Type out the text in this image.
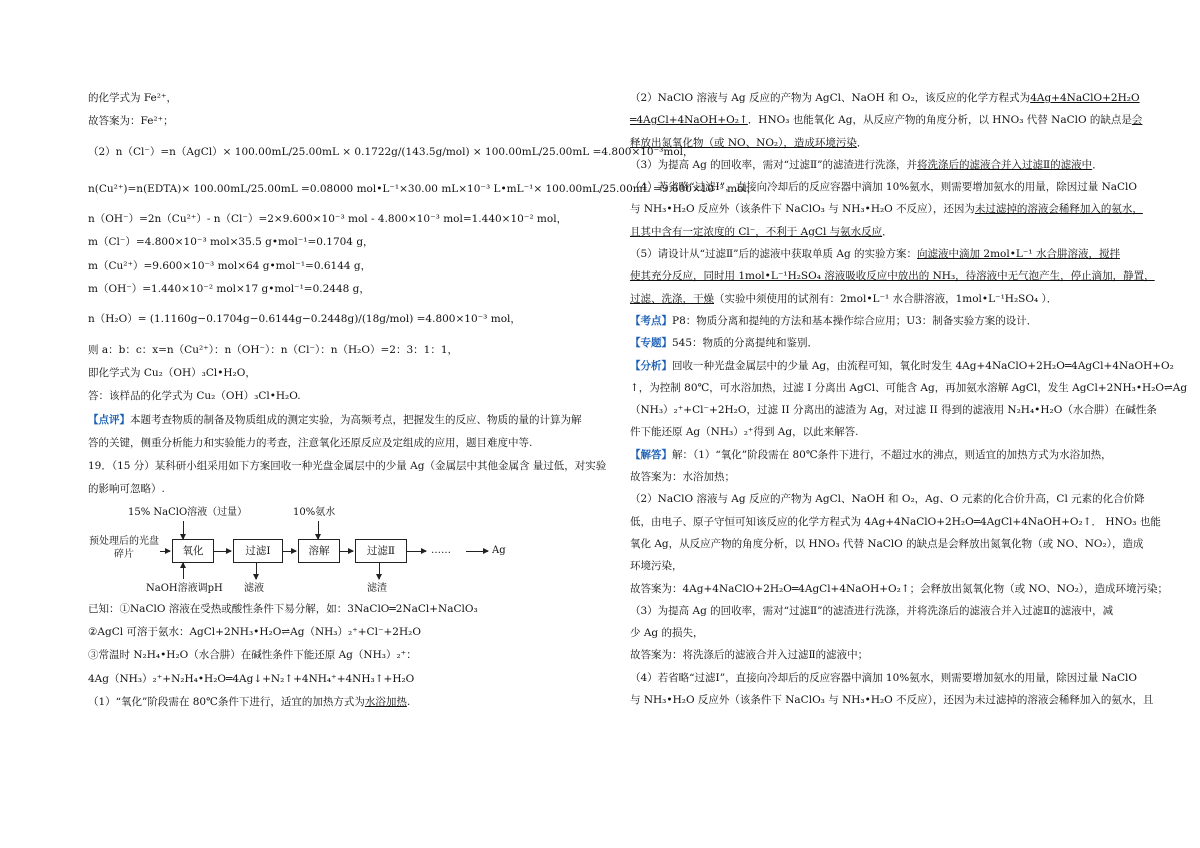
的化学式为 Fe²⁺，
故答案为：Fe²⁺；
（2）n（Cl⁻）=n（AgCl）× 100.00mL/25.00mL × 0.1722g/(143.5g/mol) × 100.00mL/25.00mL =4.800×10⁻³mol，
n(Cu²⁺)=n(EDTA)× 100.00mL/25.00mL =0.08000 mol•L⁻¹×30.00 mL×10⁻³ L•mL⁻¹× 100.00mL/25.00mL =9.600×10⁻³ mol，
n（OH⁻）=2n（Cu²⁺）- n（Cl⁻）=2×9.600×10⁻³ mol - 4.800×10⁻³ mol=1.440×10⁻² mol，
m（Cl⁻）=4.800×10⁻³ mol×35.5 g•mol⁻¹=0.1704 g，
m（Cu²⁺）=9.600×10⁻³ mol×64 g•mol⁻¹=0.6144 g，
m（OH⁻）=1.440×10⁻² mol×17 g•mol⁻¹=0.2448 g，
n（H₂O）= (1.1160g−0.1704g−0.6144g−0.2448g)/(18g/mol) =4.800×10⁻³ mol，
则 a：b：c：x=n（Cu²⁺）：n（OH⁻）：n（Cl⁻）：n（H₂O）=2：3：1：1，
即化学式为 Cu₂（OH）₃Cl•H₂O，
答：该样品的化学式为 Cu₂（OH）₃Cl•H₂O.
【点评】本题考查物质的制备及物质组成的测定实验，为高频考点，把握发生的反应、物质的量的计算为解
答的关键，侧重分析能力和实验能力的考查，注意氧化还原反应及定组成的应用，题目难度中等.
19．（15 分）某科研小组采用如下方案回收一种光盘金属层中的少量 Ag（金属层中其他金属含 量过低，对实验
的影响可忽略）.
15% NaClO溶液（过量）	10%氨水
预处理后的光盘碎片	氧化	过滤Ⅰ	溶解	过滤Ⅱ	……	Ag
NaOH溶液调pH 滤液	滤渣
已知：①NaClO 溶液在受热或酸性条件下易分解，如：3NaClO═2NaCl+NaClO₃
②AgCl 可溶于氨水：AgCl+2NH₃•H₂O⇌Ag（NH₃）₂⁺+Cl⁻+2H₂O
③常温时 N₂H₄•H₂O（水合肼）在碱性条件下能还原 Ag（NH₃）₂⁺：
4Ag（NH₃）₂⁺+N₂H₄•H₂O═4Ag↓+N₂↑+4NH₄⁺+4NH₃↑+H₂O
（1）“氧化”阶段需在 80℃条件下进行，适宜的加热方式为水浴加热.
（2）NaClO 溶液与 Ag 反应的产物为 AgCl、NaOH 和 O₂，该反应的化学方程式为4Ag+4NaClO+2H₂O
═4AgCl+4NaOH+O₂↑．HNO₃ 也能氧化 Ag，从反应产物的角度分析，以 HNO₃ 代替 NaClO 的缺点是会
释放出氮氧化物（或 NO、NO₂），造成环境污染．
（3）为提高 Ag 的回收率，需对“过滤Ⅱ”的滤渣进行洗涤，并将洗涤后的滤液合并入过滤Ⅱ的滤液中．
（4）若省略“过滤Ⅰ”，直接向冷却后的反应容器中滴加 10%氨水，则需要增加氨水的用量，除因过量 NaClO
与 NH₃•H₂O 反应外（该条件下 NaClO₃ 与 NH₃•H₂O 不反应），还因为未过滤掉的溶液会稀释加入的氨水，
且其中含有一定浓度的 Cl⁻，不利于 AgCl 与氨水反应．
（5）请设计从“过滤Ⅱ”后的滤液中获取单质 Ag 的实验方案：向滤液中滴加 2mol•L⁻¹ 水合肼溶液，搅拌
使其充分反应，同时用 1mol•L⁻¹H₂SO₄ 溶液吸收反应中放出的 NH₃，待溶液中无气泡产生，停止滴加，静置，
过滤、洗涤，干燥（实验中须使用的试剂有：2mol•L⁻¹ 水合肼溶液，1mol•L⁻¹H₂SO₄ ）．
【考点】P8：物质分离和提纯的方法和基本操作综合应用；U3：制备实验方案的设计．
【专题】545：物质的分离提纯和鉴别．
【分析】回收一种光盘金属层中的少量 Ag，由流程可知，氧化时发生 4Ag+4NaClO+2H₂O═4AgCl+4NaOH+O₂
↑，为控制 80℃，可水浴加热，过滤 I 分离出 AgCl、可能含 Ag，再加氨水溶解 AgCl，发生 AgCl+2NH₃•H₂O⇌Ag
（NH₃）₂⁺+Cl⁻+2H₂O，过滤 II 分离出的滤渣为 Ag，对过滤 II 得到的滤液用 N₂H₄•H₂O（水合肼）在碱性条
件下能还原 Ag（NH₃）₂⁺得到 Ag，以此来解答.
【解答】解：（1）“氧化”阶段需在 80℃条件下进行，不超过水的沸点，则适宜的加热方式为水浴加热，
故答案为：水浴加热；
（2）NaClO 溶液与 Ag 反应的产物为 AgCl、NaOH 和 O₂，Ag、O 元素的化合价升高，Cl 元素的化合价降
低，由电子、原子守恒可知该反应的化学方程式为 4Ag+4NaClO+2H₂O═4AgCl+4NaOH+O₂↑． HNO₃ 也能
氧化 Ag，从反应产物的角度分析，以 HNO₃ 代替 NaClO 的缺点是会释放出氮氧化物（或 NO、NO₂），造成
环境污染，
故答案为：4Ag+4NaClO+2H₂O═4AgCl+4NaOH+O₂↑；会释放出氮氧化物（或 NO、NO₂），造成环境污染；
（3）为提高 Ag 的回收率，需对“过滤Ⅱ”的滤渣进行洗涤，并将洗涤后的滤液合并入过滤Ⅱ的滤液中，减
少 Ag 的损失，
故答案为：将洗涤后的滤液合并入过滤Ⅱ的滤液中；
（4）若省略“过滤Ⅰ”，直接向冷却后的反应容器中滴加 10%氨水，则需要增加氨水的用量，除因过量 NaClO
与 NH₃•H₂O 反应外（该条件下 NaClO₃ 与 NH₃•H₂O 不反应），还因为未过滤掉的溶液会稀释加入的氨水，且
